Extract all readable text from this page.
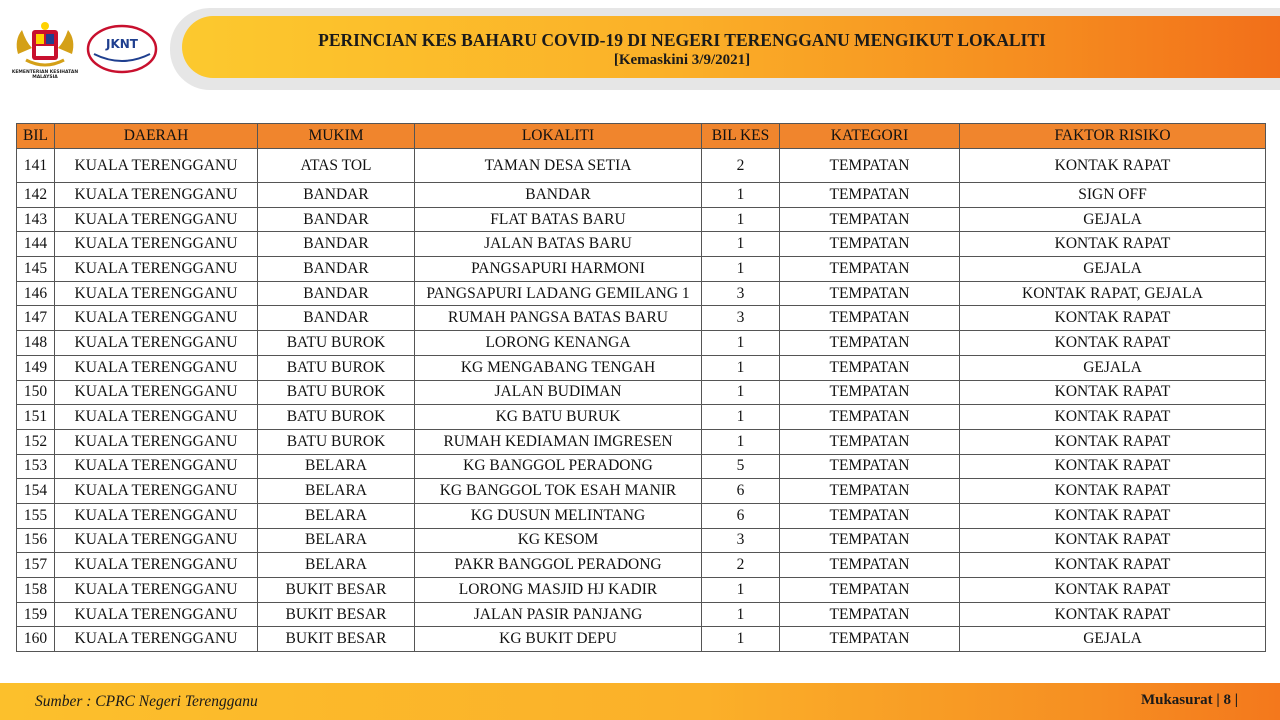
PERINCIAN KES BAHARU COVID-19 DI NEGERI TERENGGANU MENGIKUT LOKALITI
[Kemaskini 3/9/2021]
KEMENTERIAN KESIHATAN MALAYSIA
JKNT
BIL	DAERAH	MUKIM	LOKALITI	BIL KES	KATEGORI	FAKTOR RISIKO
141	KUALA TERENGGANU	ATAS TOL	TAMAN DESA SETIA	2	TEMPATAN	KONTAK RAPAT
142	KUALA TERENGGANU	BANDAR	BANDAR	1	TEMPATAN	SIGN OFF
143	KUALA TERENGGANU	BANDAR	FLAT BATAS BARU	1	TEMPATAN	GEJALA
144	KUALA TERENGGANU	BANDAR	JALAN BATAS BARU	1	TEMPATAN	KONTAK RAPAT
145	KUALA TERENGGANU	BANDAR	PANGSAPURI HARMONI	1	TEMPATAN	GEJALA
146	KUALA TERENGGANU	BANDAR	PANGSAPURI LADANG GEMILANG 1	3	TEMPATAN	KONTAK RAPAT, GEJALA
147	KUALA TERENGGANU	BANDAR	RUMAH PANGSA BATAS BARU	3	TEMPATAN	KONTAK RAPAT
148	KUALA TERENGGANU	BATU BUROK	LORONG KENANGA	1	TEMPATAN	KONTAK RAPAT
149	KUALA TERENGGANU	BATU BUROK	KG MENGABANG TENGAH	1	TEMPATAN	GEJALA
150	KUALA TERENGGANU	BATU BUROK	JALAN BUDIMAN	1	TEMPATAN	KONTAK RAPAT
151	KUALA TERENGGANU	BATU BUROK	KG BATU BURUK	1	TEMPATAN	KONTAK RAPAT
152	KUALA TERENGGANU	BATU BUROK	RUMAH KEDIAMAN IMGRESEN	1	TEMPATAN	KONTAK RAPAT
153	KUALA TERENGGANU	BELARA	KG BANGGOL PERADONG	5	TEMPATAN	KONTAK RAPAT
154	KUALA TERENGGANU	BELARA	KG BANGGOL TOK ESAH MANIR	6	TEMPATAN	KONTAK RAPAT
155	KUALA TERENGGANU	BELARA	KG DUSUN MELINTANG	6	TEMPATAN	KONTAK RAPAT
156	KUALA TERENGGANU	BELARA	KG KESOM	3	TEMPATAN	KONTAK RAPAT
157	KUALA TERENGGANU	BELARA	PAKR BANGGOL PERADONG	2	TEMPATAN	KONTAK RAPAT
158	KUALA TERENGGANU	BUKIT BESAR	LORONG MASJID HJ KADIR	1	TEMPATAN	KONTAK RAPAT
159	KUALA TERENGGANU	BUKIT BESAR	JALAN PASIR PANJANG	1	TEMPATAN	KONTAK RAPAT
160	KUALA TERENGGANU	BUKIT BESAR	KG BUKIT DEPU	1	TEMPATAN	GEJALA
Sumber : CPRC Negeri Terengganu	Mukasurat | 8 |
